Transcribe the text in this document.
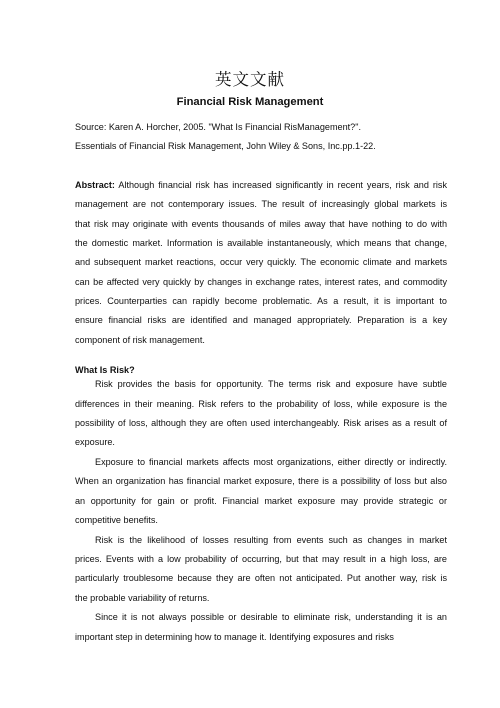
英文文献
Financial Risk Management
Source: Karen A. Horcher, 2005. "What Is Financial RisManagement?".
Essentials of Financial Risk Management, John Wiley & Sons, Inc.pp.1-22.
Abstract: Although financial risk has increased significantly in recent years, risk and risk
management are not contemporary issues. The result of increasingly global markets is
that risk may originate with events thousands of miles away that have nothing to do with
the domestic market. Information is available instantaneously, which means that change,
and subsequent market reactions, occur very quickly. The economic climate and markets
can be affected very quickly by changes in exchange rates, interest rates, and commodity
prices. Counterparties can rapidly become problematic. As a result, it is important to
ensure financial risks are identified and managed appropriately. Preparation is a key
component of risk management.
What Is Risk?
Risk provides the basis for opportunity. The terms risk and exposure have subtle
differences in their meaning. Risk refers to the probability of loss, while exposure is the
possibility of loss, although they are often used interchangeably. Risk arises as a result of
exposure.
Exposure to financial markets affects most organizations, either directly or indirectly.
When an organization has financial market exposure, there is a possibility of loss but also
an opportunity for gain or profit. Financial market exposure may provide strategic or
competitive benefits.
Risk is the likelihood of losses resulting from events such as changes in market
prices. Events with a low probability of occurring, but that may result in a high loss, are
particularly troublesome because they are often not anticipated. Put another way, risk is
the probable variability of returns.
Since it is not always possible or desirable to eliminate risk, understanding it is an
important step in determining how to manage it. Identifying exposures and risks
